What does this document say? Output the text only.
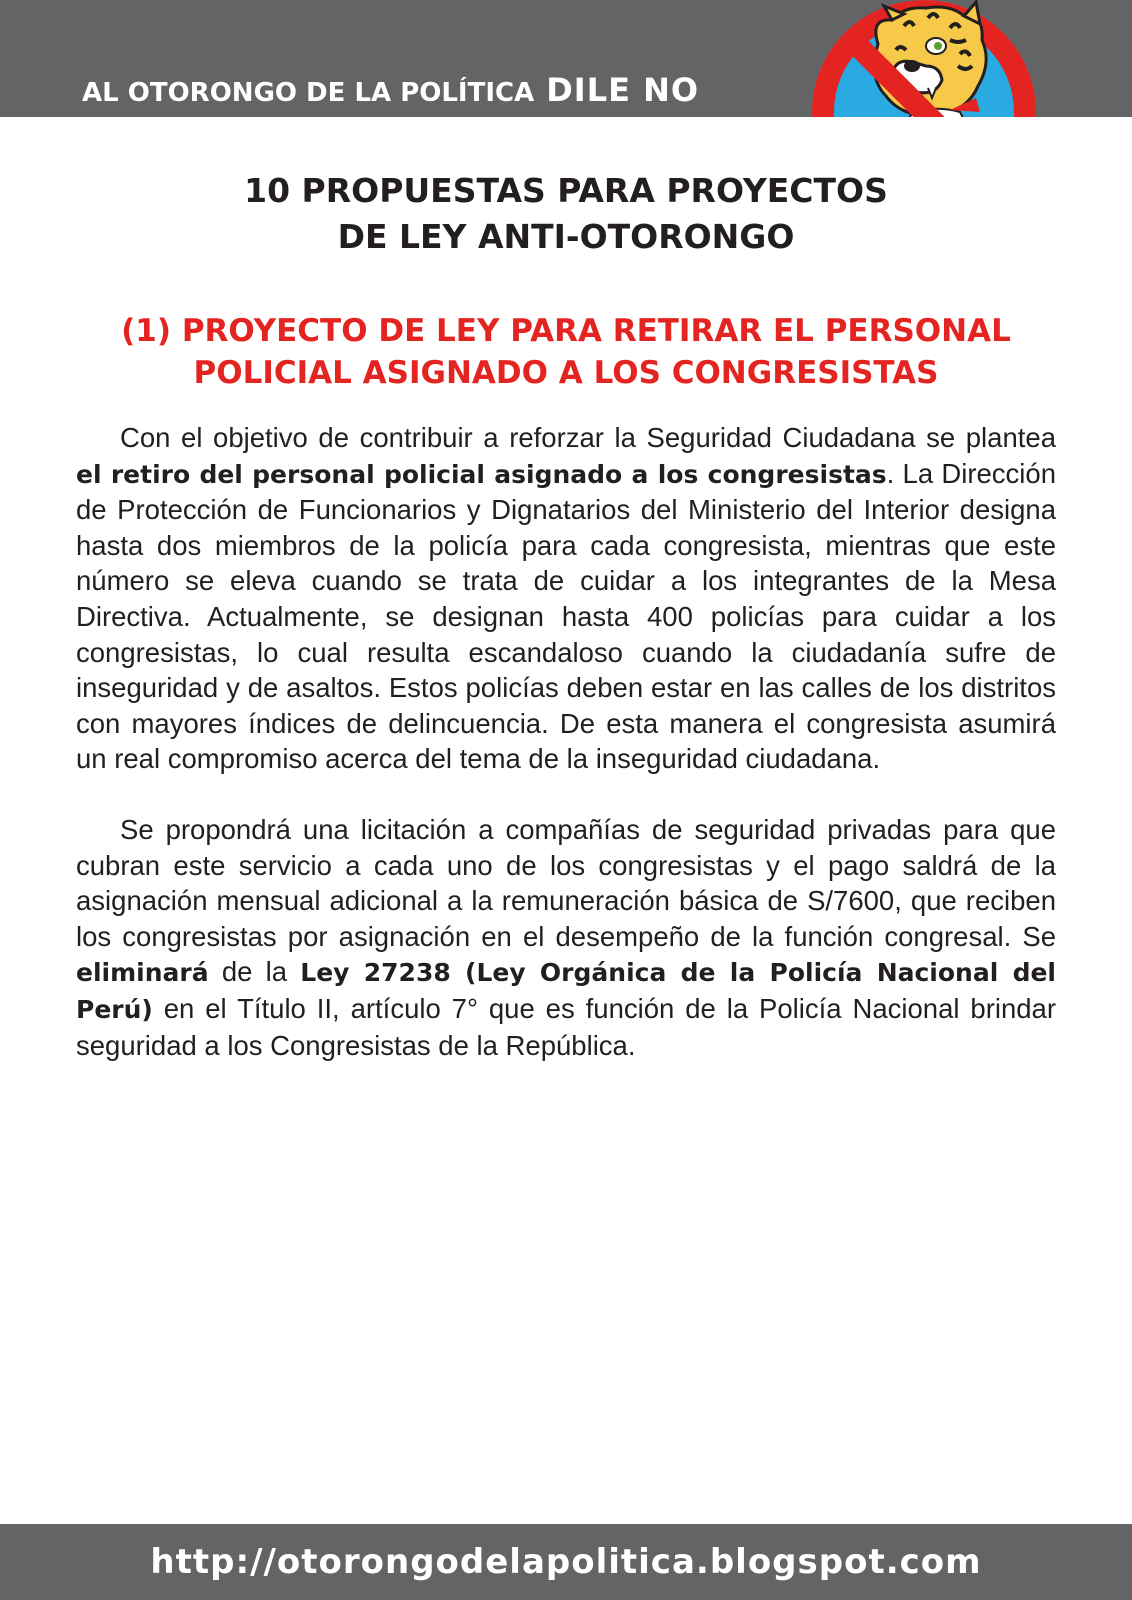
AL OTORONGO DE LA POLÍTICA DILE NO

10 PROPUESTAS PARA PROYECTOS
DE LEY ANTI-OTORONGO
(1) PROYECTO DE LEY PARA RETIRAR EL PERSONAL
POLICIAL ASIGNADO A LOS CONGRESISTAS

Con el objetivo de contribuir a reforzar la Seguridad Ciudadana se plantea el retiro del personal policial asignado a los congresistas. La Dirección de Protección de Funcionarios y Dignatarios del Ministerio del Interior designa hasta dos miembros de la policía para cada congresista, mientras que este número se eleva cuando se trata de cuidar a los integrantes de la Mesa Directiva. Actualmente, se designan hasta 400 policías para cuidar a los congresistas, lo cual resulta escandaloso cuando la ciudadanía sufre de inseguridad y de asaltos. Estos policías deben estar en las calles de los distritos con mayores índices de delincuencia. De esta manera el congresista asumirá un real compromiso acerca del tema de la inseguridad ciudadana.

Se propondrá una licitación a compañías de seguridad privadas para que cubran este servicio a cada uno de los congresistas y el pago saldrá de la asignación mensual adicional a la remuneración básica de S/7600, que reciben los congresistas por asignación en el desempeño de la función congresal. Se eliminará de la Ley 27238 (Ley Orgánica de la Policía Nacional del Perú) en el Título II, artículo 7° que es función de la Policía Nacional brindar seguridad a los Congresistas de la República.

http://otorongodelapolitica.blogspot.com
